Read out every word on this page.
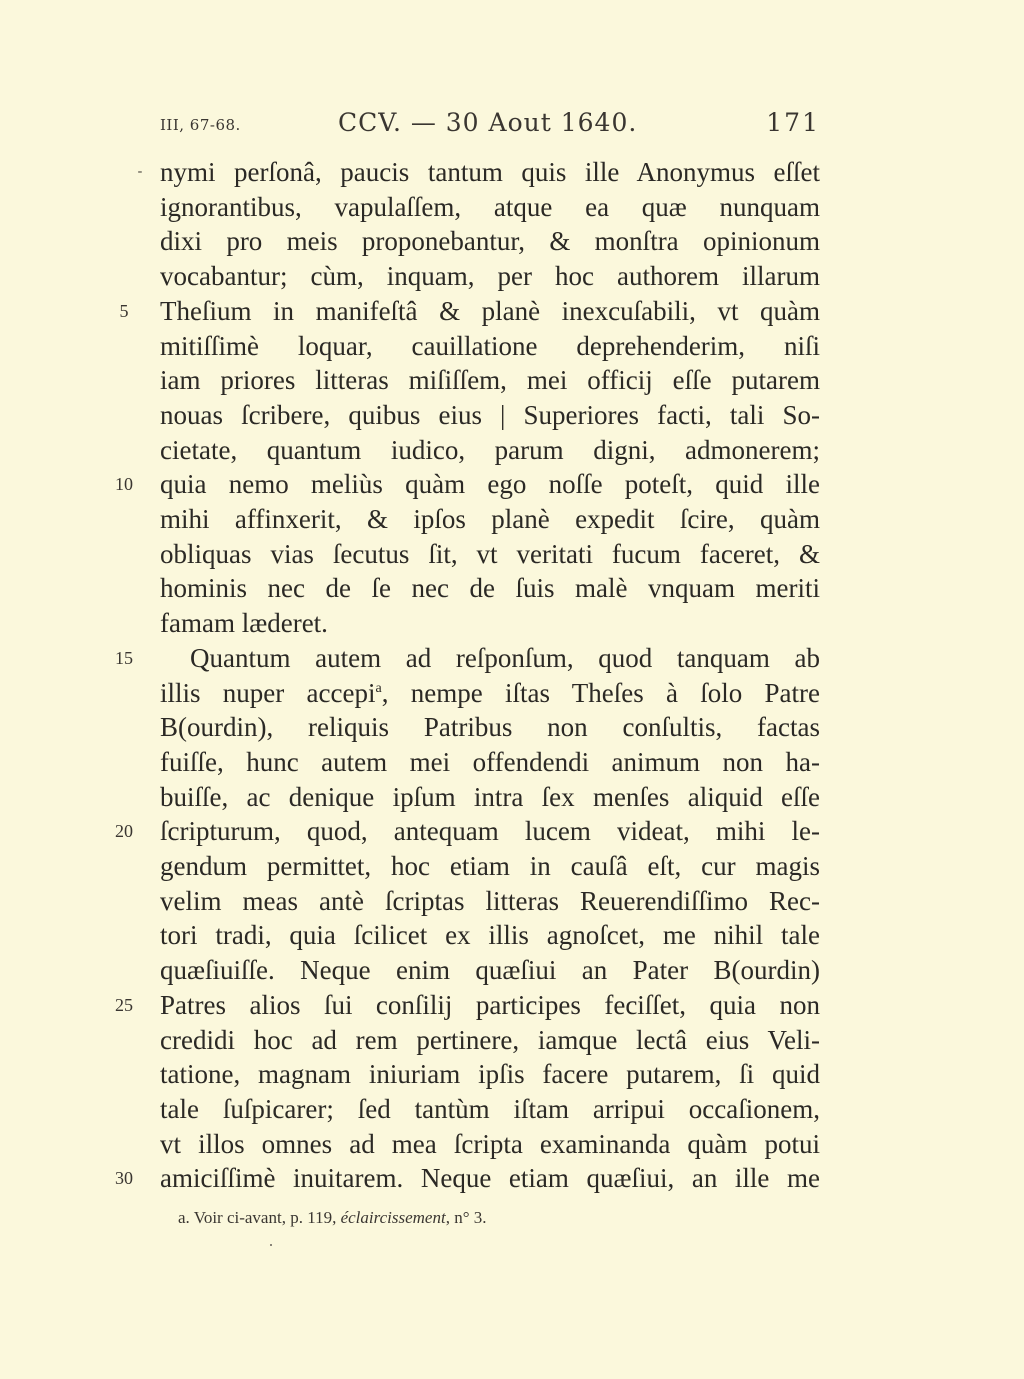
III, 67-68.	CCV. — 30 Aout 1640.	171
- nymi perſonâ, paucis tantum quis ille Anonymus eſſet
ignorantibus, vapulaſſem, atque ea quæ nunquam
dixi pro meis proponebantur, & monſtra opinionum
vocabantur; cùm, inquam, per hoc authorem illarum
5	Theſium in manifeſtâ & planè inexcuſabili, vt quàm
mitiſſimè loquar, cauillatione deprehenderim, niſi
iam priores litteras miſiſſem, mei officij eſſe putarem
nouas ſcribere, quibus eius | Superiores facti, tali So-
cietate, quantum iudico, parum digni, admonerem;
10 quia nemo meliùs quàm ego noſſe poteſt, quid ille
mihi affinxerit, & ipſos planè expedit ſcire, quàm
obliquas vias ſecutus ſit, vt veritati fucum faceret, &
hominis nec de ſe nec de ſuis malè vnquam meriti
famam læderet.
15 Quantum autem ad reſponſum, quod tanquam ab
illis nuper accepi$^a$, nempe iſtas Theſes à ſolo Patre
B(ourdin), reliquis Patribus non conſultis, factas
fuiſſe, hunc autem mei offendendi animum non ha-
buiſſe, ac denique ipſum intra ſex menſes aliquid eſſe
20 ſcripturum, quod, antequam lucem videat, mihi le-
gendum permittet, hoc etiam in cauſâ eſt, cur magis
velim meas antè ſcriptas litteras Reuerendiſſimo Rec-
tori tradi, quia ſcilicet ex illis agnoſcet, me nihil tale
quæſiuiſſe. Neque enim quæſiui an Pater B(ourdin)
25 Patres alios ſui conſilij participes feciſſet, quia non
credidi hoc ad rem pertinere, iamque lectâ eius Veli-
tatione, magnam iniuriam ipſis facere putarem, ſi quid
tale ſuſpicarer; ſed tantùm iſtam arripui occaſionem,
vt illos omnes ad mea ſcripta examinanda quàm potui
30 amiciſſimè inuitarem. Neque etiam quæſiui, an ille me
a. Voir ci-avant, p. 119, éclaircissement, n° 3.
